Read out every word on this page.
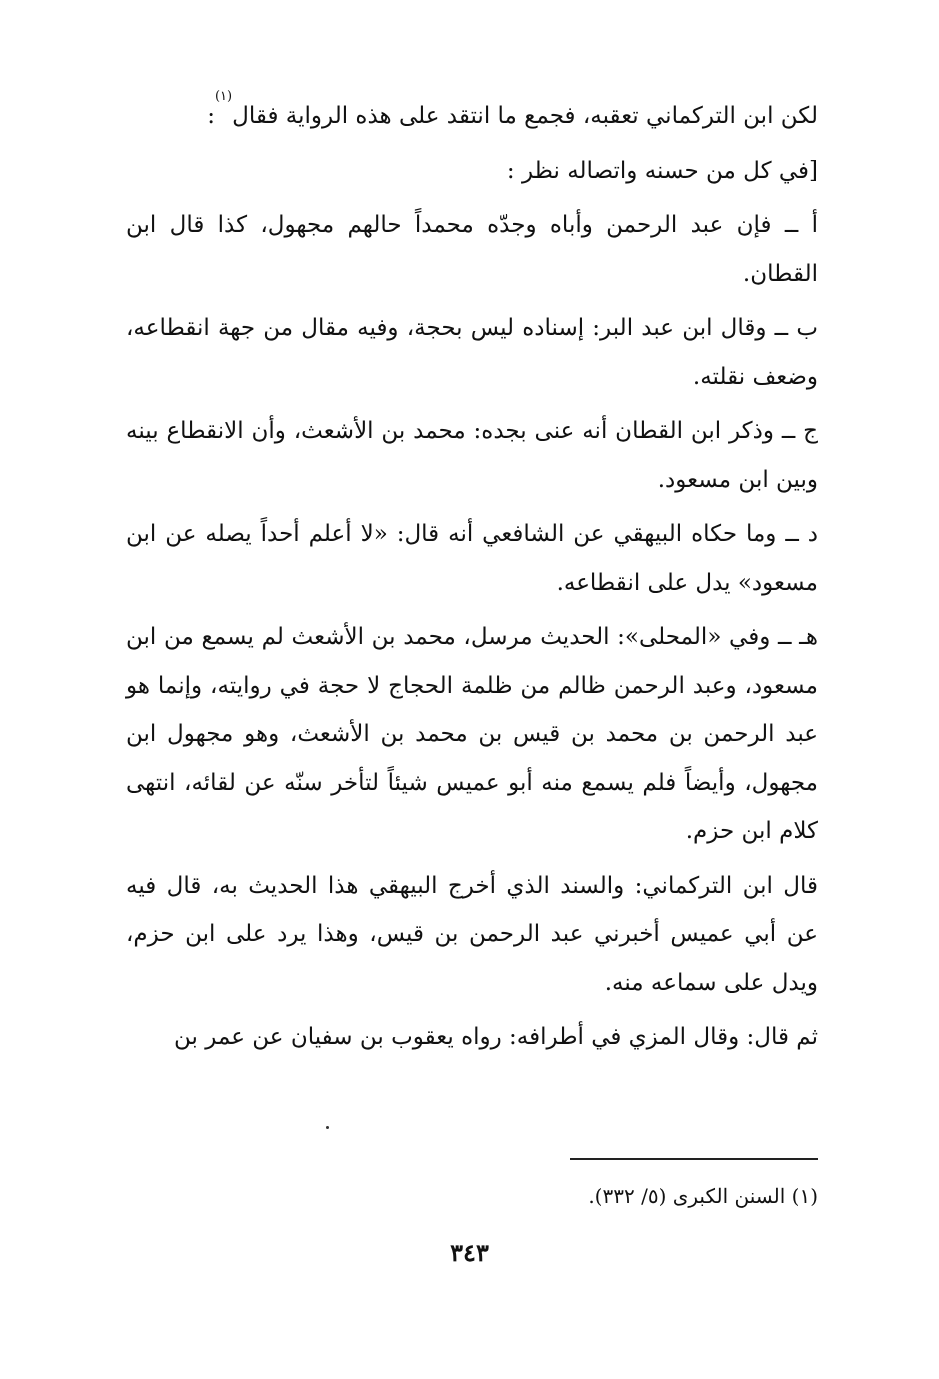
لكن ابن التركماني تعقبه، فجمع ما انتقد على هذه الرواية فقال$^{(١)}$:

[في كل من حسنه واتصاله نظر :

أ ــ فإن عبد الرحمن وأباه وجدّه محمداً حالهم مجهول، كذا قال ابن القطان.

ب ــ وقال ابن عبد البر: إسناده ليس بحجة، وفيه مقال من جهة انقطاعه، وضعف نقلته.

ج ــ وذكر ابن القطان أنه عنى بجده: محمد بن الأشعث، وأن الانقطاع بينه وبين ابن مسعود.

د ــ وما حكاه البيهقي عن الشافعي أنه قال: «لا أعلم أحداً يصله عن ابن مسعود» يدل على انقطاعه.

هـ ــ وفي «المحلى»: الحديث مرسل، محمد بن الأشعث لم يسمع من ابن مسعود، وعبد الرحمن ظالم من ظلمة الحجاج لا حجة في روايته، وإنما هو عبد الرحمن بن محمد بن قيس بن محمد بن الأشعث، وهو مجهول ابن مجهول، وأيضاً فلم يسمع منه أبو عميس شيئاً لتأخر سنّه عن لقائه، انتهى كلام ابن حزم.

قال ابن التركماني: والسند الذي أخرج البيهقي هذا الحديث به، قال فيه عن أبي عميس أخبرني عبد الرحمن بن قيس، وهذا يرد على ابن حزم، ويدل على سماعه منه.

ثم قال: وقال المزي في أطرافه: رواه يعقوب بن سفيان عن عمر بن

(١) السنن الكبرى (٥/ ٣٣٢).
٣٤٣
